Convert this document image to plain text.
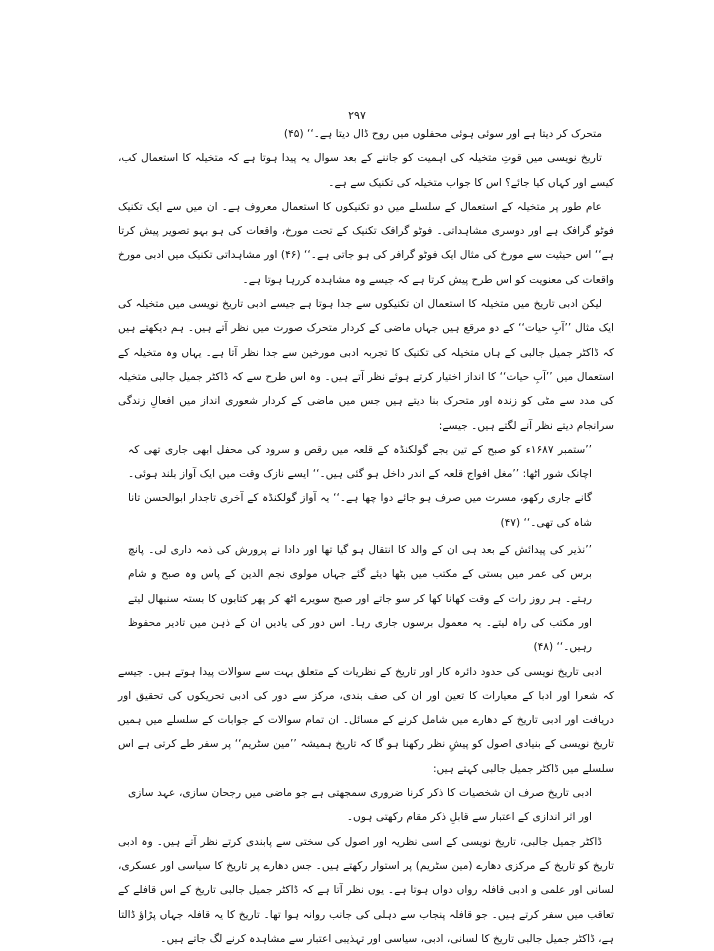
۲۹۷

متحرک کر دیتا ہے اور سوئی ہوئی محفلوں میں روح ڈال دیتا ہے۔‘‘ (۴۵)

تاریخ نویسی میں قوتِ متخیلہ کی اہمیت کو جاننے کے بعد سوال یہ پیدا ہوتا ہے کہ متخیلہ کا استعمال کب، کیسے اور کہاں کیا جائے؟ اس کا جواب متخیلہ کی تکنیک سے ہے۔

عام طور پر متخیلہ کے استعمال کے سلسلے میں دو تکنیکوں کا استعمال معروف ہے۔ ان میں سے ایک تکنیک فوٹو گرافک ہے اور دوسری مشاہداتی۔ فوٹو گرافک تکنیک کے تحت مورخ، واقعات کی ہو بہو تصویر پیش کرتا ہے‘‘ اس حیثیت سے مورخ کی مثال ایک فوٹو گرافر کی ہو جاتی ہے۔‘‘ (۴۶) اور مشاہداتی تکنیک میں ادبی مورخ واقعات کی معنویت کو اس طرح پیش کرتا ہے کہ جیسے وہ مشاہدہ کررہا ہوتا ہے۔

لیکن ادبی تاریخ میں متخیلہ کا استعمال ان تکنیکوں سے جدا ہوتا ہے جیسے ادبی تاریخ نویسی میں متخیلہ کی ایک مثال ’’آبِ حیات‘‘ کے دو مرقع ہیں جہاں ماضی کے کردار متحرک صورت میں نظر آتے ہیں۔ ہم دیکھتے ہیں کہ ڈاکٹر جمیل جالبی کے ہاں متخیلہ کی تکنیک کا تجربہ ادبی مورخین سے جدا نظر آتا ہے۔ یہاں وہ متخیلہ کے استعمال میں ’’آبِ حیات‘‘ کا انداز اختیار کرتے ہوئے نظر آتے ہیں۔ وہ اس طرح سے کہ ڈاکٹر جمیل جالبی متخیلہ کی مدد سے مٹی کو زندہ اور متحرک بنا دیتے ہیں جس میں ماضی کے کردار شعوری انداز میں افعالِ زندگی سرانجام دیتے نظر آنے لگتے ہیں۔ جیسے:

’’ستمبر ۱۶۸۷ء کو صبح کے تین بجے گولکنڈہ کے قلعہ میں رقص و سرود کی محفل ابھی جاری تھی کہ اچانک شور اٹھا: ’’مغل افواج قلعہ کے اندر داخل ہو گئی ہیں۔‘‘ ایسے نازک وقت میں ایک آواز بلند ہوئی۔ گانے جاری رکھو، مسرت میں صرف ہو جائے دوا چھا ہے۔‘‘ یہ آواز گولکنڈہ کے آخری تاجدار ابوالحسن تانا شاہ کی تھی۔‘‘ (۴۷)

’’نذیر کی پیدائش کے بعد ہی ان کے والد کا انتقال ہو گیا تھا اور دادا نے پرورش کی ذمہ داری لی۔ پانچ برس کی عمر میں بستی کے مکتب میں بٹھا دیئے گئے جہاں مولوی نجم الدین کے پاس وہ صبح و شام رہتے۔ ہر روز رات کے وقت کھانا کھا کر سو جاتے اور صبح سویرے اٹھ کر پھر کتابوں کا بستہ سنبھال لیتے اور مکتب کی راہ لیتے۔ یہ معمول برسوں جاری رہا۔ اس دور کی یادیں ان کے ذہن میں تادیر محفوظ رہیں۔‘‘ (۴۸)

ادبی تاریخ نویسی کی حدود دائرہ کار اور تاریخ کے نظریات کے متعلق بہت سے سوالات پیدا ہوتے ہیں۔ جیسے کہ شعرا اور ادبا کے معیارات کا تعین اور ان کی صف بندی، مرکز سے دور کی ادبی تحریکوں کی تحقیق اور دریافت اور ادبی تاریخ کے دھارے میں شامل کرنے کے مسائل۔ ان تمام سوالات کے جوابات کے سلسلے میں ہمیں تاریخ نویسی کے بنیادی اصول کو پیشِ نظر رکھنا ہو گا کہ تاریخ ہمیشہ ’’مین سٹریم‘‘ پر سفر طے کرتی ہے اس سلسلے میں ڈاکٹر جمیل جالبی کہتے ہیں:

ادبی تاریخ صرف ان شخصیات کا ذکر کرنا ضروری سمجھتی ہے جو ماضی میں رجحان سازی، عہد سازی اور اثر اندازی کے اعتبار سے قابلِ ذکر مقام رکھتی ہوں۔

ڈاکٹر جمیل جالبی، تاریخ نویسی کے اسی نظریہ اور اصول کی سختی سے پابندی کرتے نظر آتے ہیں۔ وہ ادبی تاریخ کو تاریخ کے مرکزی دھارے (مین سٹریم) پر استوار رکھتے ہیں۔ جس دھارے پر تاریخ کا سیاسی اور عسکری، لسانی اور علمی و ادبی قافلہ رواں دواں ہوتا ہے۔ یوں نظر آتا ہے کہ ڈاکٹر جمیل جالبی تاریخ کے اس قافلے کے تعاقب میں سفر کرتے ہیں۔ جو قافلہ پنجاب سے دہلی کی جانب روانہ ہوا تھا۔ تاریخ کا یہ قافلہ جہاں پڑاؤ ڈالتا ہے، ڈاکٹر جمیل جالبی تاریخ کا لسانی، ادبی، سیاسی اور تہذیبی اعتبار سے مشاہدہ کرنے لگ جاتے ہیں۔
